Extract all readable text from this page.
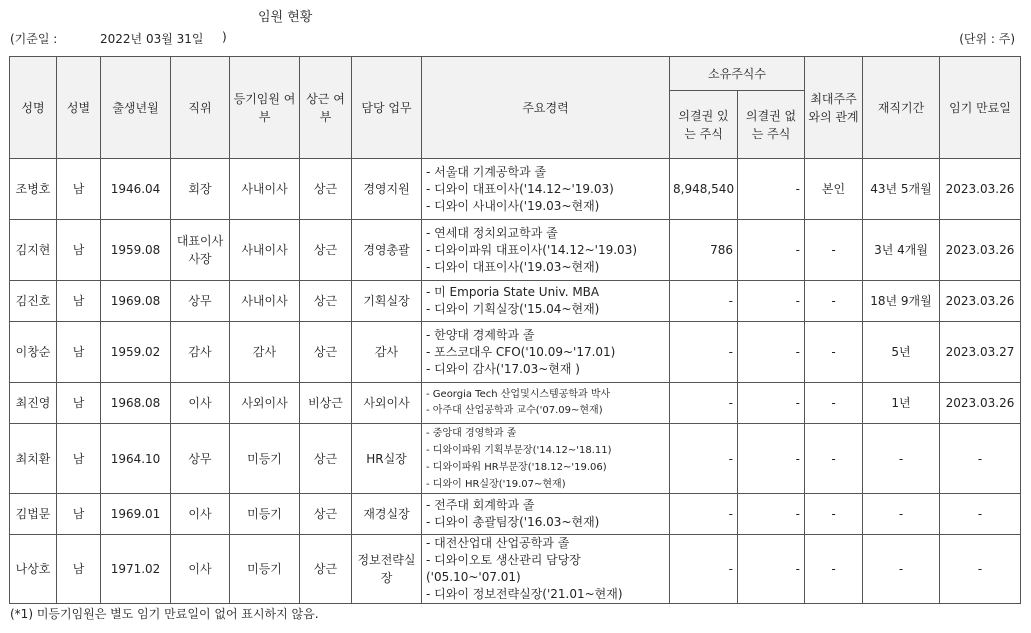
임원 현황
(기준일 :	2022년 03월 31일 )	(단위 : 주)
성명	성별	출생년월	직위	등기임원 여부	상근 여부	담당 업무	주요경력	소유주식수		최대주주 와의 관계	재직기간	임기 만료일
								의결권 있는 주식	의결권 없는 주식			
조병호	남	1946.04	회장	사내이사	상근	경영지원	- 서울대 기계공학과 졸
- 디와이 대표이사('14.12~'19.03)
- 디와이 사내이사('19.03~현재)	8,948,540	-	본인	43년 5개월	2023.03.26
김지현	남	1959.08	대표이사 사장	사내이사	상근	경영총괄	- 연세대 정치외교학과 졸
- 디와이파워 대표이사('14.12~'19.03)
- 디와이 대표이사('19.03~현재)	786	-	-	3년 4개월	2023.03.26
김진호	남	1969.08	상무	사내이사	상근	기획실장	- 미 Emporia State Univ. MBA
- 디와이 기획실장('15.04~현재)	-	-	-	18년 9개월	2023.03.26
이창순	남	1959.02	감사	감사	상근	감사	- 한양대 경제학과 졸
- 포스코대우 CFO('10.09~'17.01)
- 디와이 감사('17.03~현재 )	-	-	-	5년	2023.03.27
최진영	남	1968.08	이사	사외이사	비상근	사외이사	- Georgia Tech 산업및시스템공학과 박사
- 아주대 산업공학과 교수('07.09~현재)	-	-	-	1년	2023.03.26
최치환	남	1964.10	상무	미등기	상근	HR실장	- 중앙대 경영학과 졸
- 디와이파워 기획부문장('14.12~'18.11)
- 디와이파워 HR부문장('18.12~'19.06)
- 디와이 HR실장('19.07~현재)	-	-	-	-	-
김법문	남	1969.01	이사	미등기	상근	재경실장	- 전주대 회계학과 졸
- 디와이 총괄팀장('16.03~현재)	-	-	-	-	-
나상호	남	1971.02	이사	미등기	상근	정보전략실장	- 대전산업대 산업공학과 졸
- 디와이오토 생산관리 담당장('05.10~'07.01)
- 디와이 정보전략실장('21.01~현재)	-	-	-	-	-
(*1) 미등기임원은 별도 임기 만료일이 없어 표시하지 않음.
